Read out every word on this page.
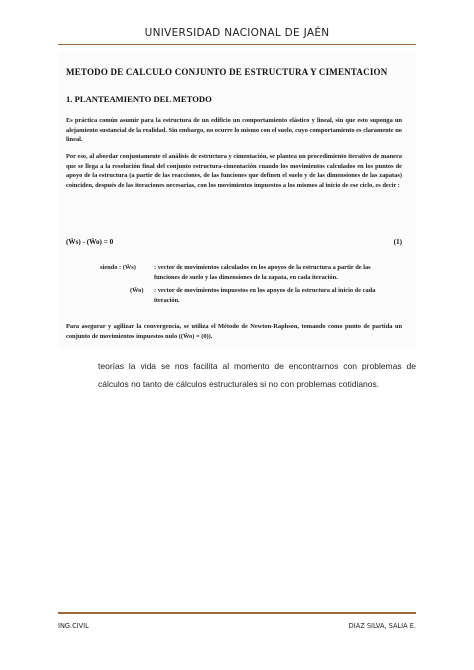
UNIVERSIDAD NACIONAL DE JAÉN
METODO DE CALCULO CONJUNTO DE ESTRUCTURA Y CIMENTACION
1. PLANTEAMIENTO DEL METODO

Es práctica común asumir para la estructura de un edificio un comportamiento elástico y lineal, sin que esto suponga un alejamiento sustancial de la realidad. Sin embargo, no ocurre lo mismo con el suelo, cuyo comportamiento es claramente no lineal.

Por eso, al abordar conjuntamente el análisis de estructura y cimentación, se plantea un procedimiento iterativo de manera que se llega a la resolución final del conjunto estructura-cimentación cuando los movimientos calculados en los puntos de apoyo de la estructura (a partir de las reacciones, de las funciones que definen el suelo y de las dimensiones de las zapatas) coinciden, después de las iteraciones necesarias, con los movimientos impuestos a los mismos al inicio de ese ciclo, es decir :

(W̄s) - (W̄o) = 0	(1)

siendo : (W̄s)	: vector de movimientos calculados en los apoyos de la estructura a partir de las funciones de suelo y las dimensiones de la zapata, en cada iteración.

(W̄o) : vector de movimientos impuestos en los apoyos de la estructura al inicio de cada iteración.

Para asegurar y agilizar la convergencia, se utiliza el Método de Newton-Raphson, tomando como punto de partida un conjunto de movimientos impuestos nulo ((W̄o) = (0)).

teorías la vida se nos facilita al momento de encontrarnos con problemas de cálculos no tanto de cálculos estructurales si no con problemas cotidianos.

ING.CIVIL	DIAZ SILVA, SALIA E.
